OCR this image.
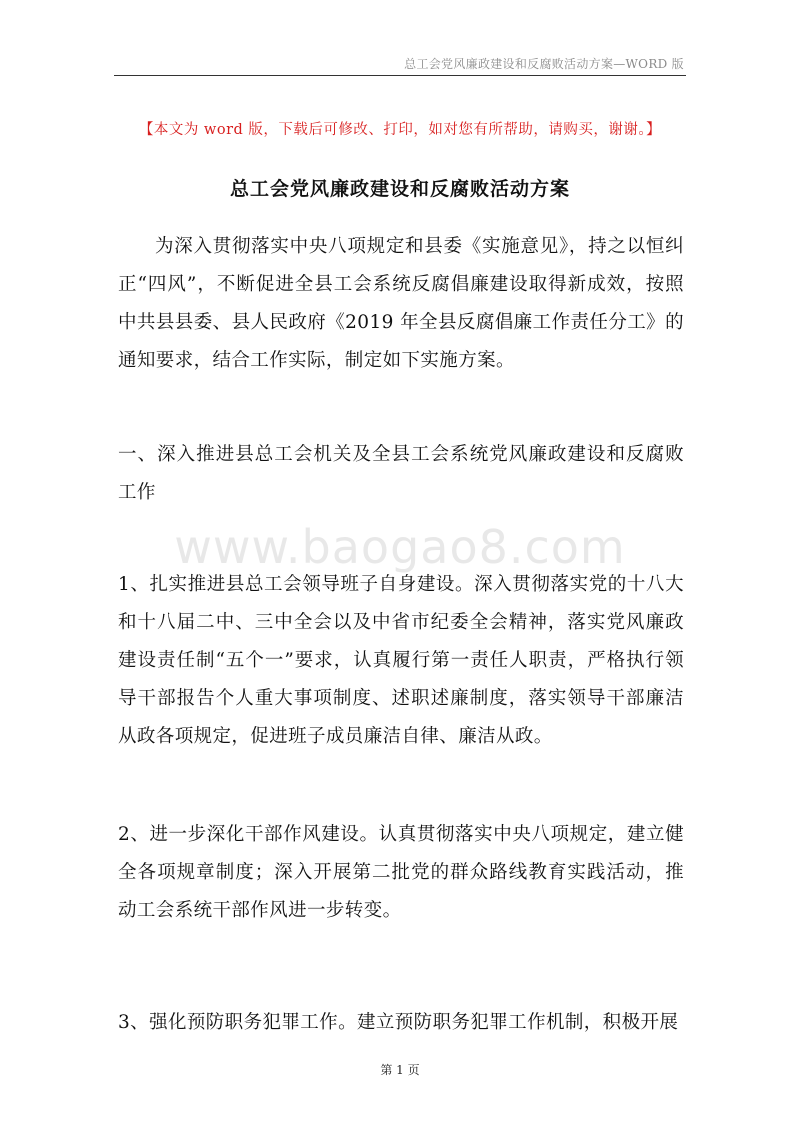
总工会党风廉政建设和反腐败活动方案—WORD 版
【本文为 word 版，下载后可修改、打印，如对您有所帮助，请购买，谢谢。】
总工会党风廉政建设和反腐败活动方案

为深入贯彻落实中央八项规定和县委《实施意见》，持之以恒纠正“四风”，不断促进全县工会系统反腐倡廉建设取得新成效，按照中共县县委、县人民政府《2019 年全县反腐倡廉工作责任分工》的通知要求，结合工作实际，制定如下实施方案。

一、深入推进县总工会机关及全县工会系统党风廉政建设和反腐败工作

www.baogao8.com

1、扎实推进县总工会领导班子自身建设。深入贯彻落实党的十八大和十八届二中、三中全会以及中省市纪委全会精神，落实党风廉政建设责任制“五个一”要求，认真履行第一责任人职责，严格执行领导干部报告个人重大事项制度、述职述廉制度，落实领导干部廉洁从政各项规定，促进班子成员廉洁自律、廉洁从政。

2、进一步深化干部作风建设。认真贯彻落实中央八项规定，建立健全各项规章制度；深入开展第二批党的群众路线教育实践活动，推动工会系统干部作风进一步转变。

3、强化预防职务犯罪工作。建立预防职务犯罪工作机制，积极开展

第 1 页
